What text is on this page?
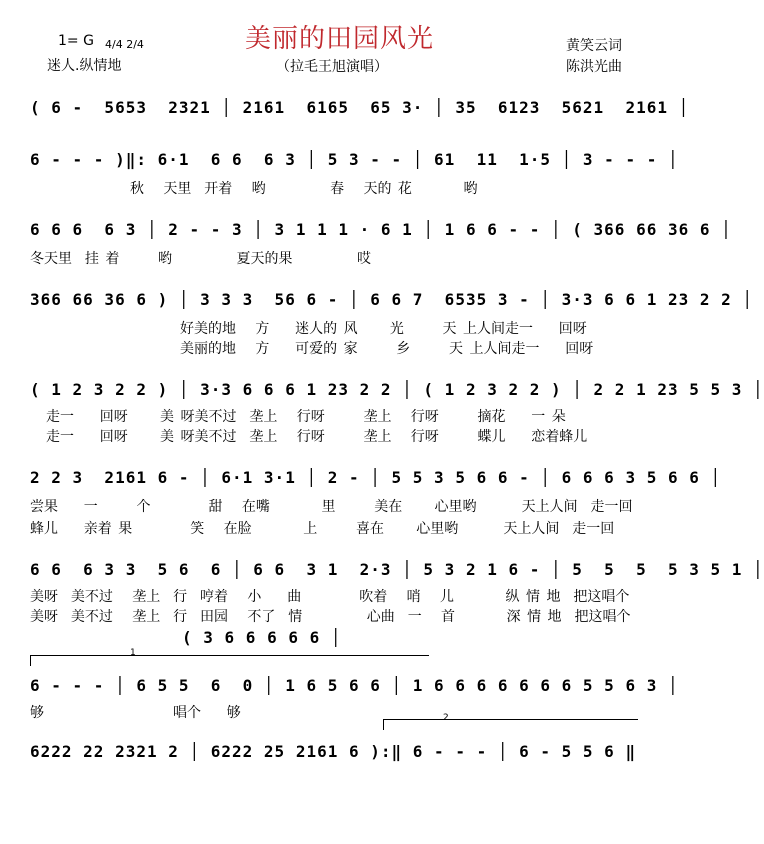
1= G	4/4 2/4

迷人.纵情地
美丽的田园风光
（拉毛王旭演唱）
黄笑云词
陈洪光曲
( 6 -  5653  2321 │ 2161  6165  65 3· │ 35  6123  5621  2161 │
6 - - - )‖: 6·1  6 6  6 3 │ 5 3 - - │ 61  11  1·5 │ 3 - - - │
秋   天里  开着   哟          春   天的 花        哟
6 6 6  6 3 │ 2 - - 3 │ 3 1 1 1 · 6 1 │ 1 6 6 - - │ ( 366 66 36 6 │
冬天里  挂 着      哟          夏天的果          哎
366 66 36 6 ) │ 3 3 3  56 6 - │ 6 6 7  6535 3 - │ 3·3 6 6 1 23 2 2 │
好美的地   方    迷人的 风     光      天 上人间走一    回呀
美丽的地   方    可爱的 家      乡      天 上人间走一    回呀
( 1 2 3 2 2 ) │ 3·3 6 6 6 1 23 2 2 │ ( 1 2 3 2 2 ) │ 2 2 1 23 5 5 3 │
走一    回呀     美 呀美不过  垄上   行呀      垄上   行呀      摘花    一 朵
走一    回呀     美 呀美不过  垄上   行呀      垄上   行呀      蝶儿    恋着蜂儿
2 2 3  2161 6 - │ 6·1 3·1 │ 2 - │ 5 5 3 5 6 6 - │ 6 6 6 3 5 6 6 │
尝果    一      个         甜   在嘴        里      美在     心里哟       天上人间  走一回
蜂儿    亲着 果         笑   在脸        上      喜在     心里哟       天上人间  走一回
6 6  6 3 3  5 6  6 │ 6 6  3 1  2·3 │ 5 3 2 1 6 - │ 5  5  5  5 3 5 1 │
美呀  美不过   垄上  行  哼着   小    曲         吹着   哨   儿        纵 情 地  把这唱个
美呀  美不过   垄上  行  田园   不了  情          心曲  一   首        深 情 地  把这唱个
( 3 6 6 6 6 6 │
1
6 - - - │ 6 5 5  6  0 │ 1 6 5 6 6 │ 1 6 6 6 6 6 6 6 5 5 6 3 │
够                    唱个    够	2
6222 22 2321 2 │ 6222 25 2161 6 ):‖ 6 - - - │ 6 - 5 5 6 ‖
